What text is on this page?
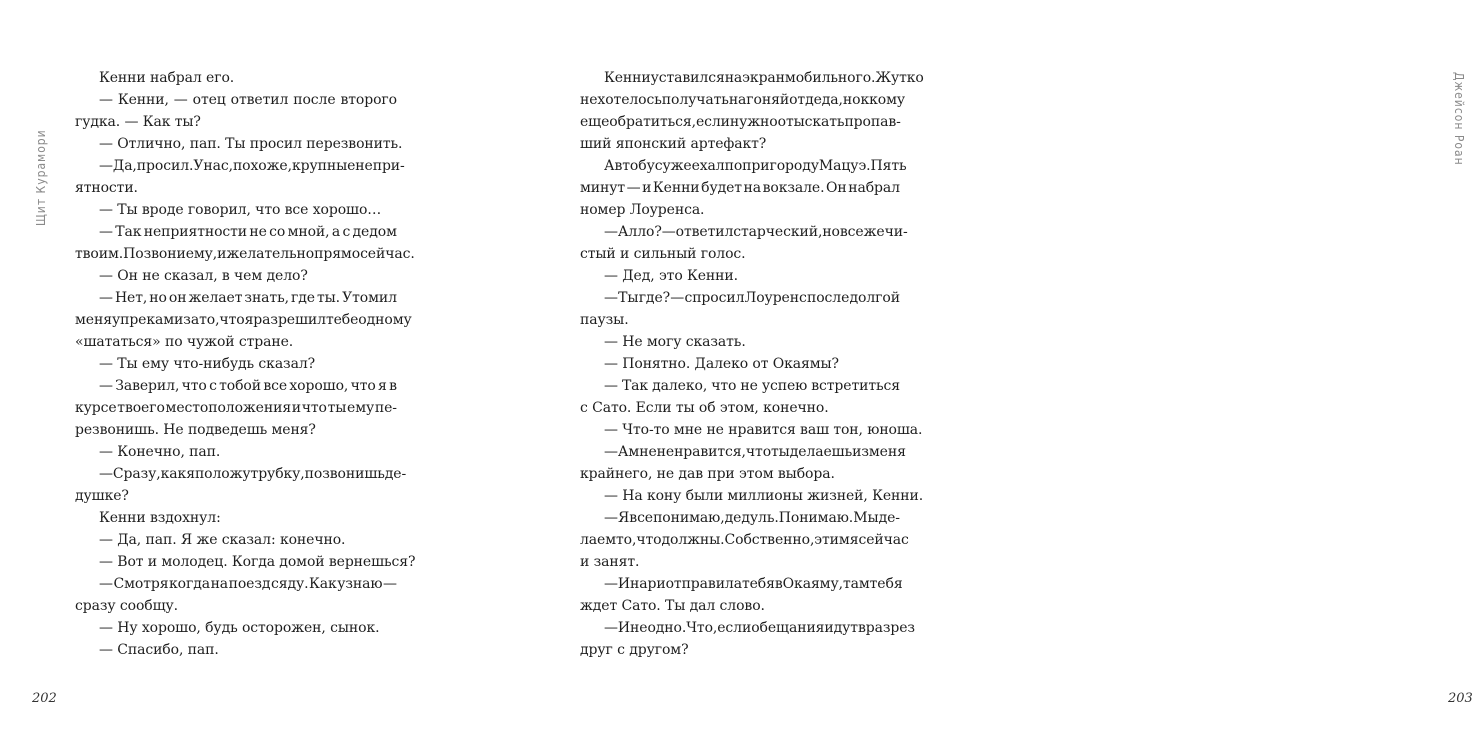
Щит Курамори
Кенни набрал его.
— Кенни, — отец ответил после второго
гудка. — Как ты?
— Отлично, пап. Ты просил перезвонить.
— Да, просил. У нас, похоже, крупные непри-
ятности.
— Ты вроде говорил, что все хорошо…
— Так неприятности не со мной, а с дедом
твоим. Позвони ему, и желательно прямо сейчас.
— Он не сказал, в чем дело?
— Нет, но он желает знать, где ты. Утомил
меня упреками за то, что я разрешил тебе одному
«шататься» по чужой стране.
— Ты ему что-нибудь сказал?
— Заверил, что с тобой все хорошо, что я в
курсе твоего местоположения и что ты ему пе-
резвонишь. Не подведешь меня?
— Конечно, пап.
— Сразу, как я положу трубку, позвонишь де-
душке?
Кенни вздохнул:
— Да, пап. Я же сказал: конечно.
— Вот и молодец. Когда домой вернешься?
— Смотря когда на поезд сяду. Как узнаю —
сразу сообщу.
— Ну хорошо, будь осторожен, сынок.
— Спасибо, пап.
202
Джейсон Роан
Кенни уставился на экран мобильного. Жутко
не хотелось получать нагоняй от деда, но к кому
еще обратиться, если нужно отыскать пропав-
ший японский артефакт?
Автобус уже ехал по пригороду Мацуэ. Пять
минут — и Кенни будет на вокзале. Он набрал
номер Лоуренса.
— Алло? — ответил старческий, но все же чи-
стый и сильный голос.
— Дед, это Кенни.
— Ты где? — спросил Лоуренс после долгой
паузы.
— Не могу сказать.
— Понятно. Далеко от Окаямы?
— Так далеко, что не успею встретиться
с Сато. Если ты об этом, конечно.
— Что-то мне не нравится ваш тон, юноша.
— А мне не нравится, что ты делаешь из меня
крайнего, не дав при этом выбора.
— На кону были миллионы жизней, Кенни.
— Я все понимаю, дедуль. Понимаю. Мы де-
лаем то, что должны. Собственно, этим я сейчас
и занят.
— Инари отправила тебя в Окаяму, там тебя
ждет Сато. Ты дал слово.
— И не одно. Что, если обещания идут вразрез
друг с другом?
203
